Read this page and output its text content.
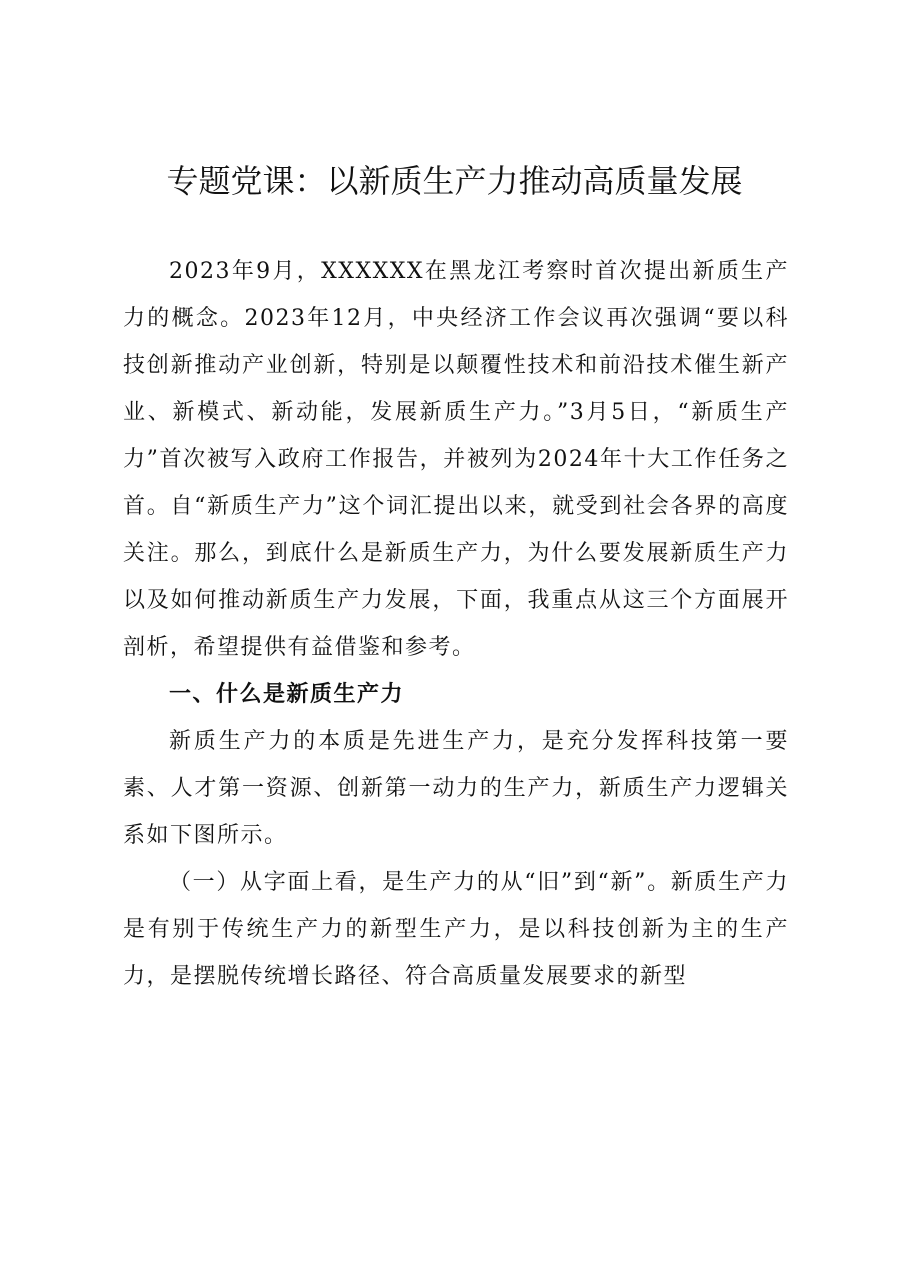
专题党课：以新质生产力推动高质量发展

2023年9月，XXXXXX在黑龙江考察时首次提出新质生产力的概念。2023年12月，中央经济工作会议再次强调“要以科技创新推动产业创新，特别是以颠覆性技术和前沿技术催生新产业、新模式、新动能，发展新质生产力。”3月5日，“新质生产力”首次被写入政府工作报告，并被列为2024年十大工作任务之首。自“新质生产力”这个词汇提出以来，就受到社会各界的高度关注。那么，到底什么是新质生产力，为什么要发展新质生产力以及如何推动新质生产力发展，下面，我重点从这三个方面展开剖析，希望提供有益借鉴和参考。

一、什么是新质生产力

新质生产力的本质是先进生产力，是充分发挥科技第一要素、人才第一资源、创新第一动力的生产力，新质生产力逻辑关系如下图所示。

（一）从字面上看，是生产力的从“旧”到“新”。新质生产力是有别于传统生产力的新型生产力，是以科技创新为主的生产力，是摆脱传统增长路径、符合高质量发展要求的新型
